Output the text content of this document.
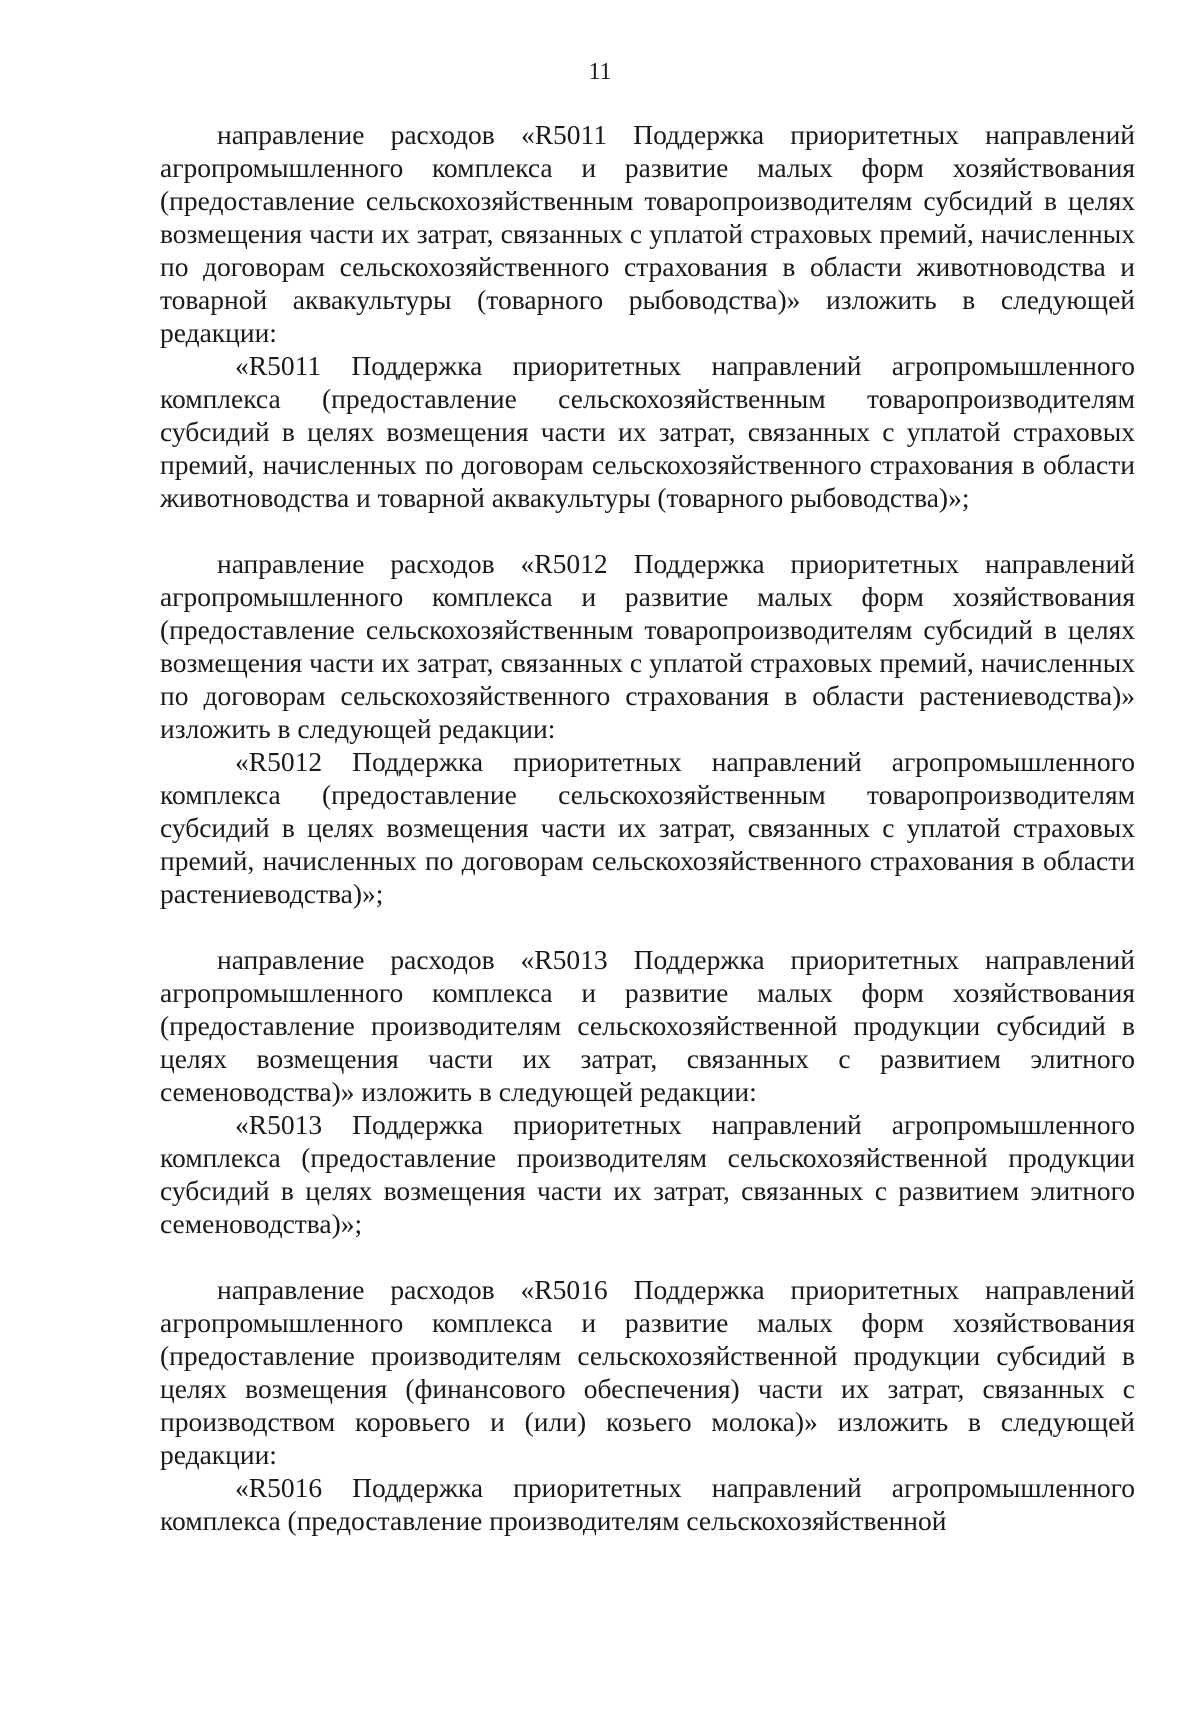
11

направление расходов «R5011 Поддержка приоритетных направлений агропромышленного комплекса и развитие малых форм хозяйствования (предоставление сельскохозяйственным товаропроизводителям субсидий в целях возмещения части их затрат, связанных с уплатой страховых премий, начисленных по договорам сельскохозяйственного страхования в области животноводства и товарной аквакультуры (товарного рыбоводства)» изложить в следующей редакции:

«R5011 Поддержка приоритетных направлений агропромышленного комплекса (предоставление сельскохозяйственным товаропроизводителям субсидий в целях возмещения части их затрат, связанных с уплатой страховых премий, начисленных по договорам сельскохозяйственного страхования в области животноводства и товарной аквакультуры (товарного рыбоводства)»;

направление расходов «R5012 Поддержка приоритетных направлений агропромышленного комплекса и развитие малых форм хозяйствования (предоставление сельскохозяйственным товаропроизводителям субсидий в целях возмещения части их затрат, связанных с уплатой страховых премий, начисленных по договорам сельскохозяйственного страхования в области растениеводства)» изложить в следующей редакции:

«R5012 Поддержка приоритетных направлений агропромышленного комплекса (предоставление сельскохозяйственным товаропроизводителям субсидий в целях возмещения части их затрат, связанных с уплатой страховых премий, начисленных по договорам сельскохозяйственного страхования в области растениеводства)»;

направление расходов «R5013 Поддержка приоритетных направлений агропромышленного комплекса и развитие малых форм хозяйствования (предоставление производителям сельскохозяйственной продукции субсидий в целях возмещения части их затрат, связанных с развитием элитного семеноводства)» изложить в следующей редакции:

«R5013 Поддержка приоритетных направлений агропромышленного комплекса (предоставление производителям сельскохозяйственной продукции субсидий в целях возмещения части их затрат, связанных с развитием элитного семеноводства)»;

направление расходов «R5016 Поддержка приоритетных направлений агропромышленного комплекса и развитие малых форм хозяйствования (предоставление производителям сельскохозяйственной продукции субсидий в целях возмещения (финансового обеспечения) части их затрат, связанных с производством коровьего и (или) козьего молока)» изложить в следующей редакции:

«R5016 Поддержка приоритетных направлений агропромышленного комплекса (предоставление производителям сельскохозяйственной
